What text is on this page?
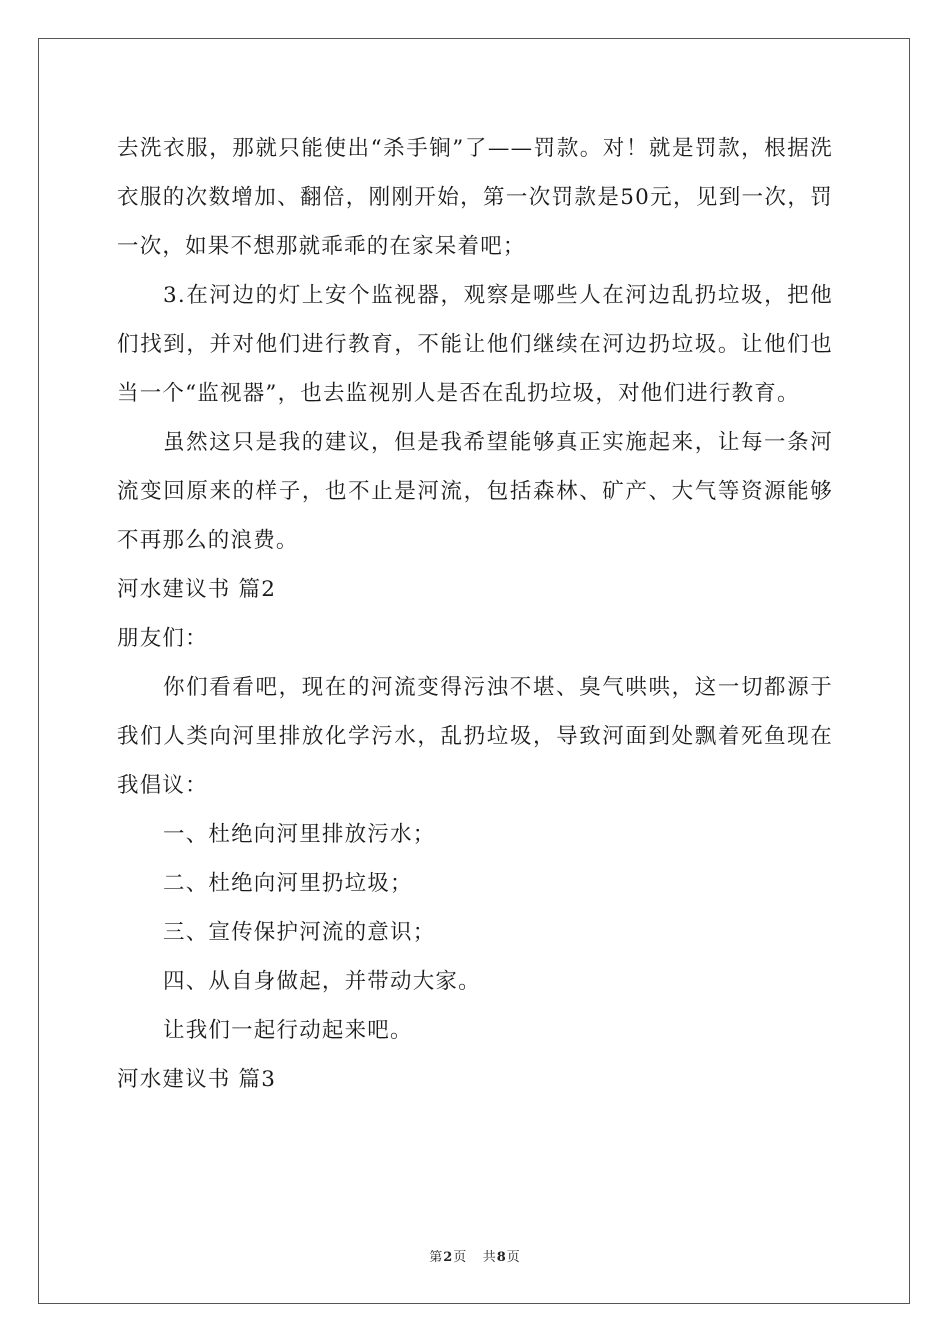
去洗衣服，那就只能使出“杀手锏”了——罚款。对！就是罚款，根据洗衣服的次数增加、翻倍，刚刚开始，第一次罚款是50元，见到一次，罚一次，如果不想那就乖乖的在家呆着吧；

3.在河边的灯上安个监视器，观察是哪些人在河边乱扔垃圾，把他们找到，并对他们进行教育，不能让他们继续在河边扔垃圾。让他们也当一个“监视器”，也去监视别人是否在乱扔垃圾，对他们进行教育。

虽然这只是我的建议，但是我希望能够真正实施起来，让每一条河流变回原来的样子，也不止是河流，包括森林、矿产、大气等资源能够不再那么的浪费。

河水建议书 篇2

朋友们：

你们看看吧，现在的河流变得污浊不堪、臭气哄哄，这一切都源于我们人类向河里排放化学污水，乱扔垃圾，导致河面到处飘着死鱼现在我倡议：

一、杜绝向河里排放污水；

二、杜绝向河里扔垃圾；

三、宣传保护河流的意识；

四、从自身做起，并带动大家。

让我们一起行动起来吧。

河水建议书 篇3

第2页 共8页
